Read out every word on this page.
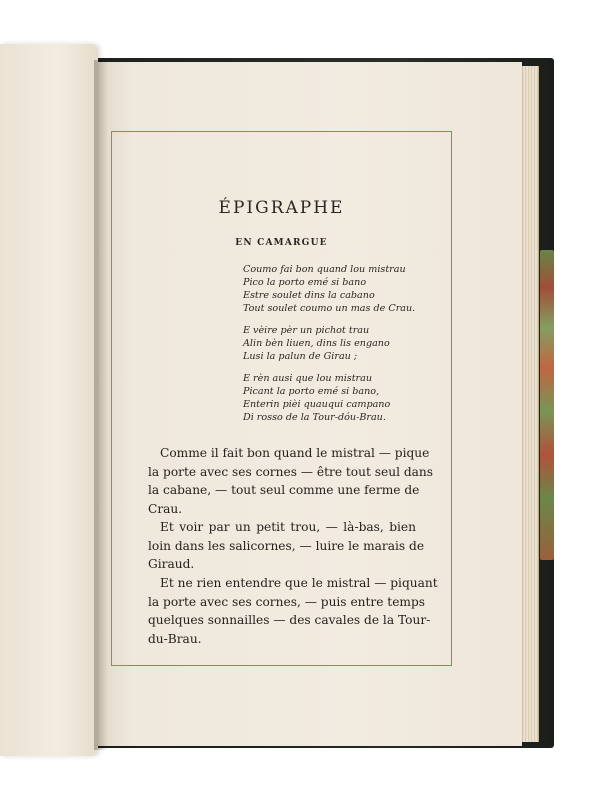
ÉPIGRAPHE
EN CAMARGUE
Coumo fai bon quand lou mistrau
Pico la porto emé si bano
Estre soulet dins la cabano
Tout soulet coumo un mas de Crau.
E vèire pèr un pichot trau
Alin bèn liuen, dins lis engano
Lusi la palun de Girau ;
E rèn ausi que lou mistrau
Picant la porto emé si bano,
Enterin pièi quauqui campano
Di rosso de la Tour-dóu-Brau.
Comme il fait bon quand le mistral — pique
la porte avec ses cornes — être tout seul dans
la cabane, — tout seul comme une ferme de
Crau.
Et voir par un petit trou, — là-bas, bien
loin dans les salicornes, — luire le marais de
Giraud.
Et ne rien entendre que le mistral — piquant
la porte avec ses cornes, — puis entre temps
quelques sonnailles — des cavales de la Tour-
du-Brau.
